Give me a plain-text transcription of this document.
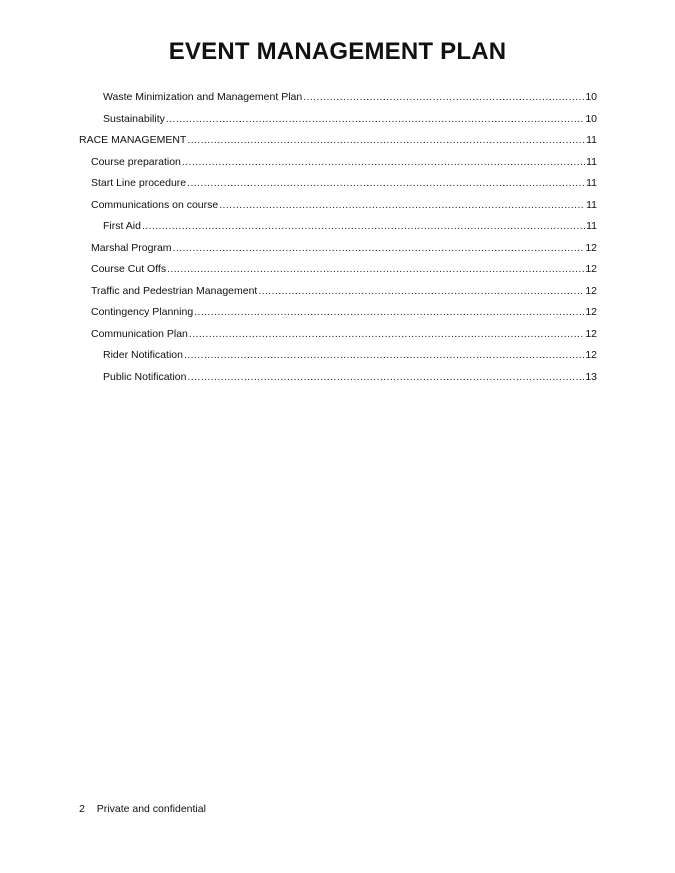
EVENT MANAGEMENT PLAN
Waste Minimization and Management Plan .....	10
Sustainability .....	10
RACE MANAGEMENT .....	11
Course preparation .....	11
Start Line procedure .....	11
Communications on course .....	11
First Aid .....	11
Marshal Program .....	12
Course Cut Offs .....	12
Traffic and Pedestrian Management .....	12
Contingency Planning .....	12
Communication Plan .....	12
Rider Notification .....	12
Public Notification .....	13
2 Private and confidential
